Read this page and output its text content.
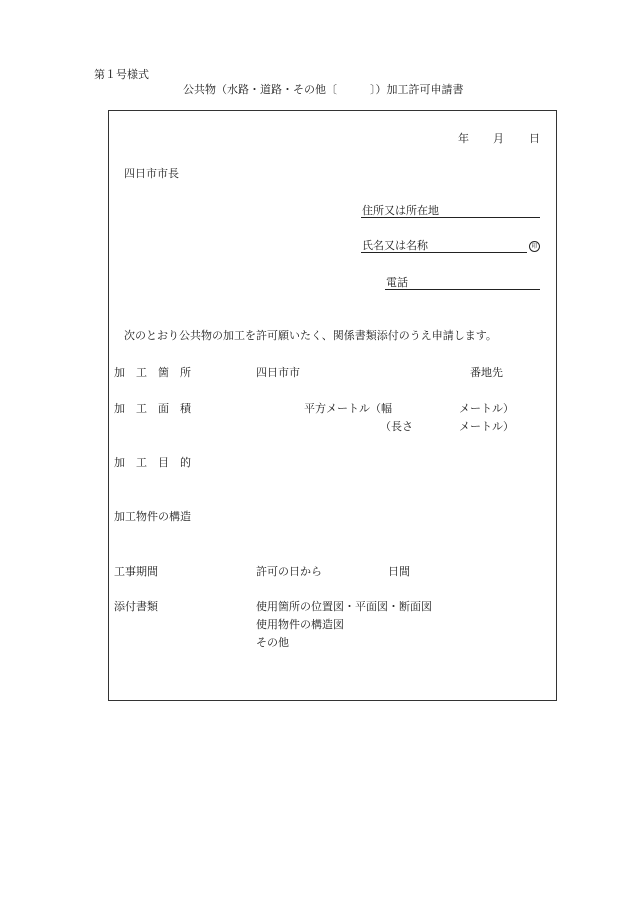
第１号様式
公共物（水路・道路・その他〔　　　〕）加工許可申請書
年 月 日
四日市市長
住所又は所在地
氏名又は名称	印
電話
次のとおり公共物の加工を許可願いたく、関係書類添付のうえ申請します。
加　工　箇　所	四日市市	番地先
加　工　面　積	平方メートル（幅	メートル）
（長さ	メートル）
加　工　目　的
加工物件の構造
工事期間	許可の日から	日間
添付書類	使用箇所の位置図・平面図・断面図
使用物件の構造図
その他
